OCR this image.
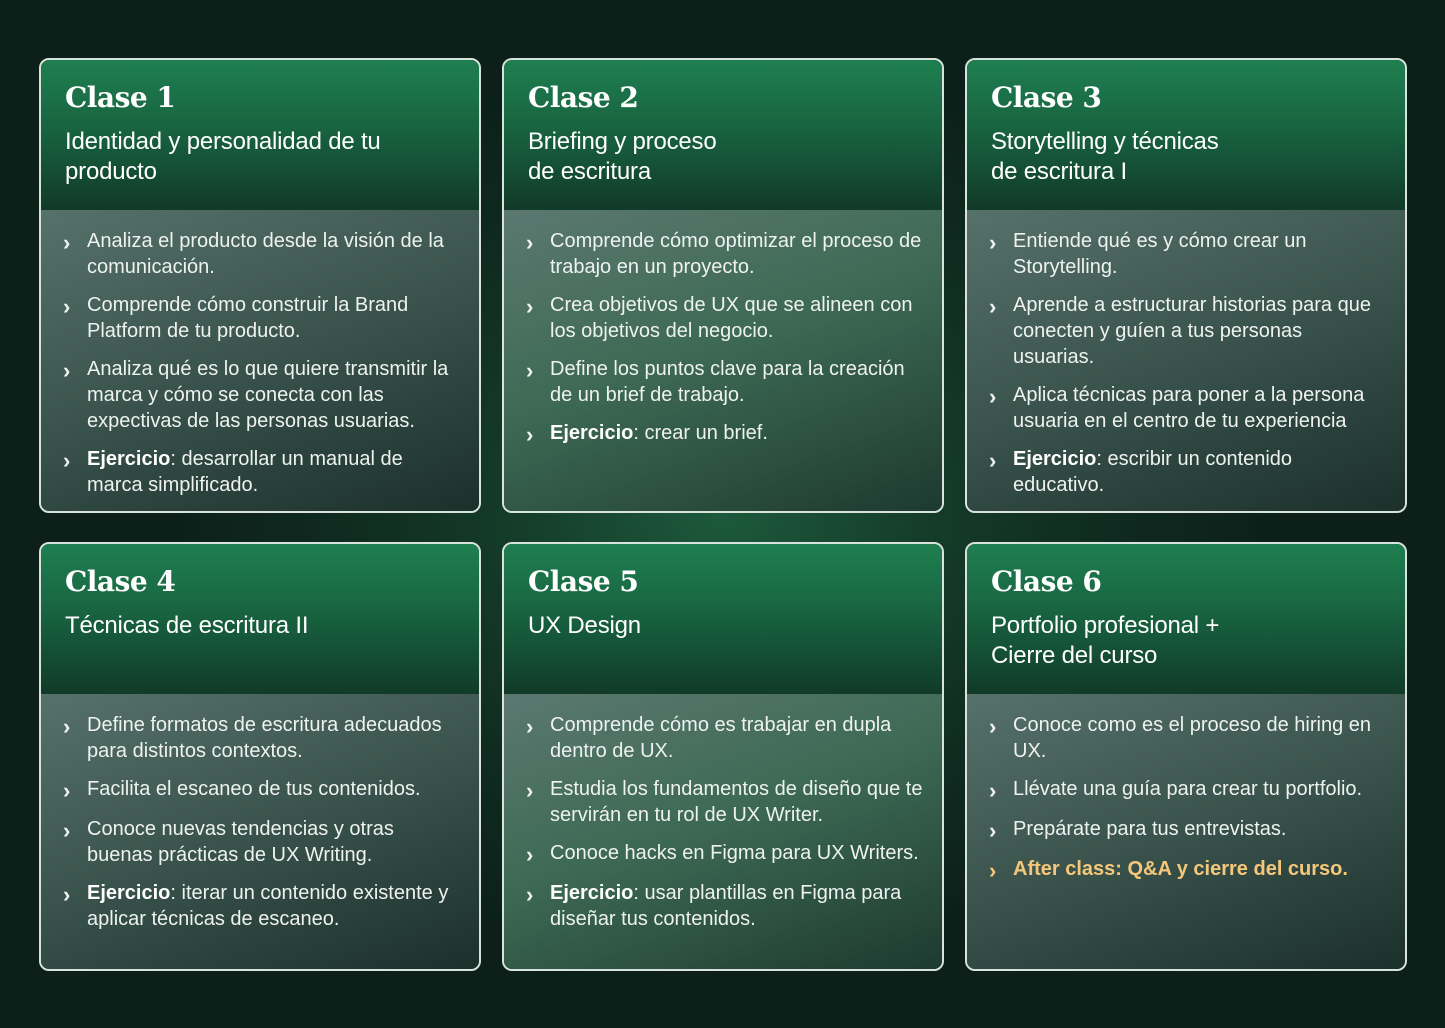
Clase 1
Identidad y personalidad de tu
producto
› Analiza el producto desde la visión de la comunicación.
› Comprende cómo construir la Brand Platform de tu producto.
› Analiza qué es lo que quiere transmitir la marca y cómo se conecta con las expectivas de las personas usuarias.
› Ejercicio: desarrollar un manual de marca simplificado.
Clase 2
Briefing y proceso
de escritura
› Comprende cómo optimizar el proceso de trabajo en un proyecto.
› Crea objetivos de UX que se alineen con los objetivos del negocio.
› Define los puntos clave para la creación de un brief de trabajo.
› Ejercicio: crear un brief.
Clase 3
Storytelling y técnicas
de escritura I
› Entiende qué es y cómo crear un Storytelling.
› Aprende a estructurar historias para que conecten y guíen a tus personas usuarias.
› Aplica técnicas para poner a la persona usuaria en el centro de tu experiencia
› Ejercicio: escribir un contenido educativo.
Clase 4
Técnicas de escritura II
› Define formatos de escritura adecuados para distintos contextos.
› Facilita el escaneo de tus contenidos.
› Conoce nuevas tendencias y otras buenas prácticas de UX Writing.
› Ejercicio: iterar un contenido existente y aplicar técnicas de escaneo.
Clase 5
UX Design
› Comprende cómo es trabajar en dupla dentro de UX.
› Estudia los fundamentos de diseño que te servirán en tu rol de UX Writer.
› Conoce hacks en Figma para UX Writers.
› Ejercicio: usar plantillas en Figma para diseñar tus contenidos.
Clase 6
Portfolio profesional +
Cierre del curso
› Conoce como es el proceso de hiring en UX.
› Llévate una guía para crear tu portfolio.
› Prepárate para tus entrevistas.
› After class: Q&A y cierre del curso.
